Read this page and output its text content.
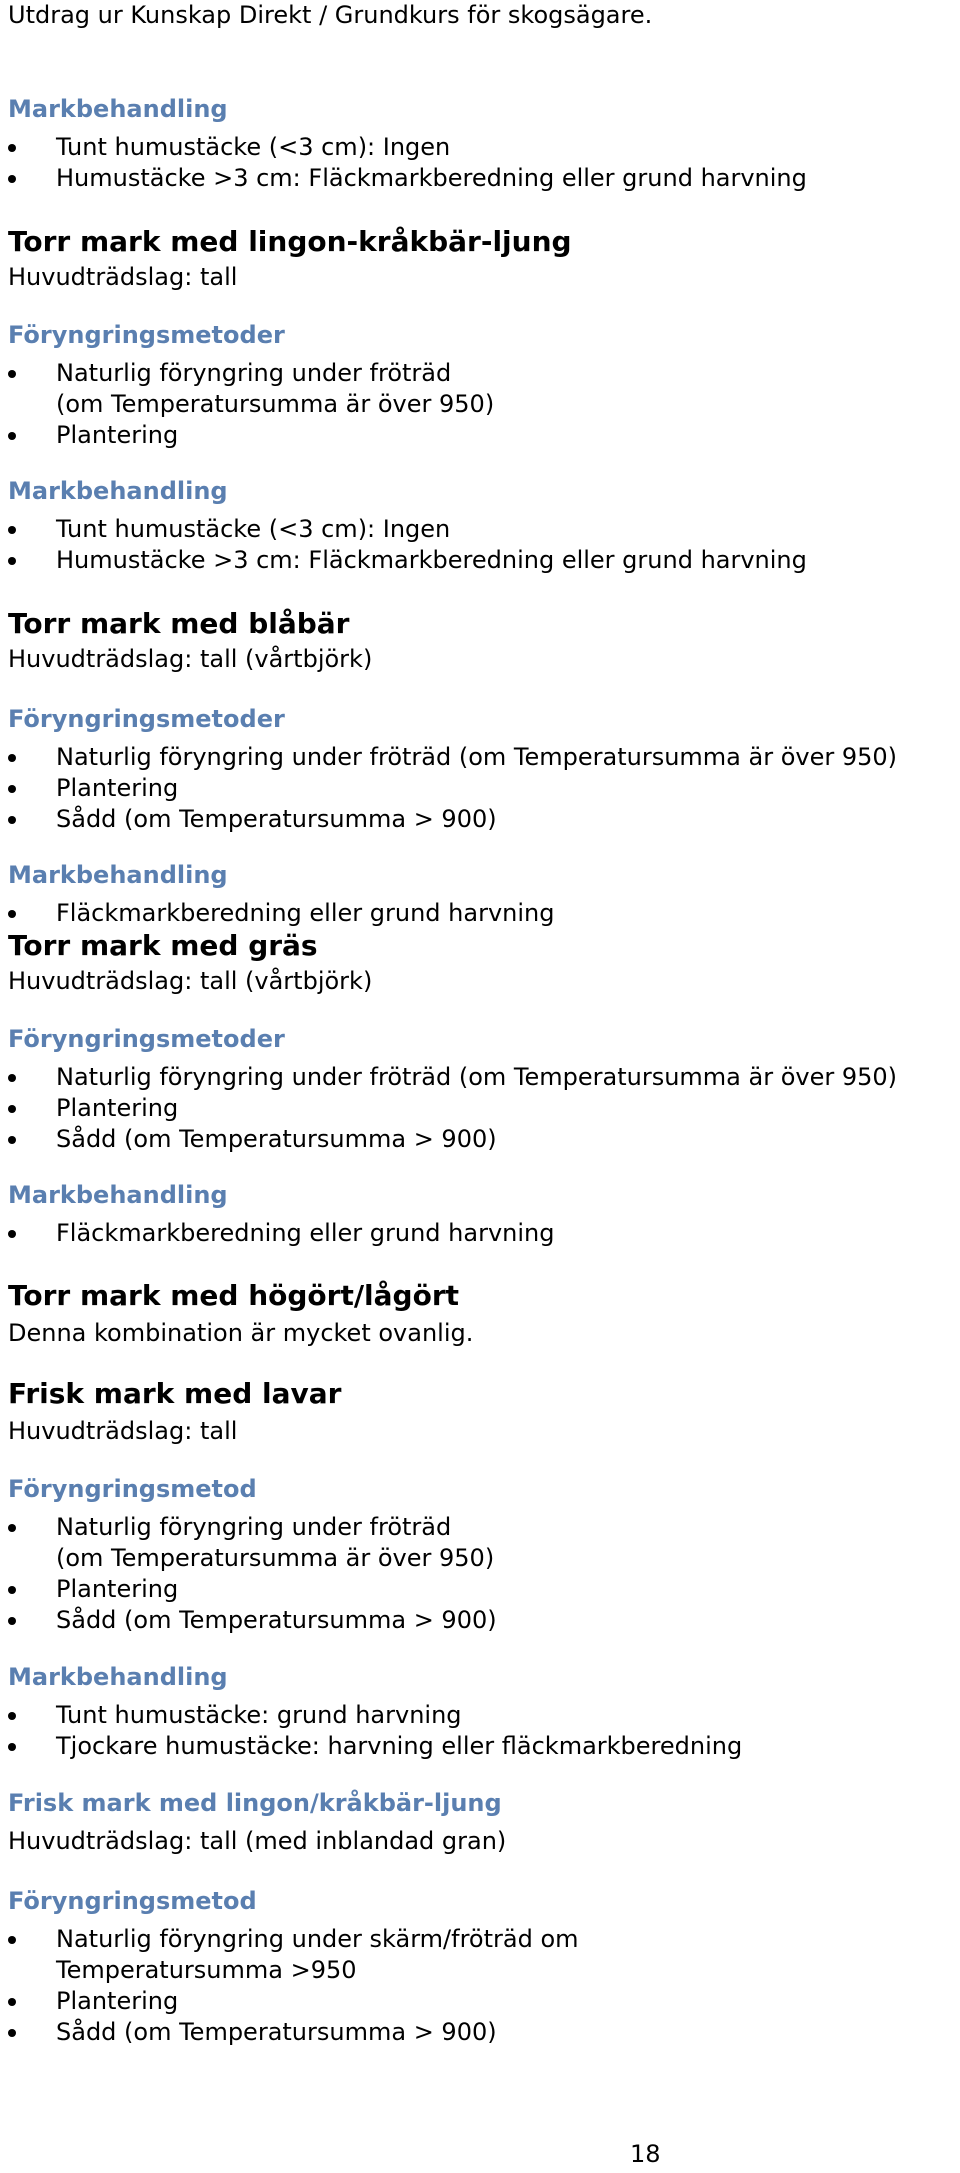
Utdrag ur Kunskap Direkt / Grundkurs för skogsägare.
Markbehandling
Tunt humustäcke (<3 cm): Ingen
Humustäcke >3 cm: Fläckmarkberedning eller grund harvning
Torr mark med lingon-kråkbär-ljung
Huvudträdslag: tall
Föryngringsmetoder
Naturlig föryngring under fröträd
(om Temperatursumma är över 950)
Plantering
Markbehandling
Tunt humustäcke (<3 cm): Ingen
Humustäcke >3 cm: Fläckmarkberedning eller grund harvning
Torr mark med blåbär
Huvudträdslag: tall (vårtbjörk)
Föryngringsmetoder
Naturlig föryngring under fröträd (om Temperatursumma är över 950)
Plantering
Sådd (om Temperatursumma > 900)
Markbehandling
Fläckmarkberedning eller grund harvning
Torr mark med gräs
Huvudträdslag: tall (vårtbjörk)
Föryngringsmetoder
Naturlig föryngring under fröträd (om Temperatursumma är över 950)
Plantering
Sådd (om Temperatursumma > 900)
Markbehandling
Fläckmarkberedning eller grund harvning
Torr mark med högört/lågört
Denna kombination är mycket ovanlig.
Frisk mark med lavar
Huvudträdslag: tall
Föryngringsmetod
Naturlig föryngring under fröträd
(om Temperatursumma är över 950)
Plantering
Sådd (om Temperatursumma > 900)
Markbehandling
Tunt humustäcke: grund harvning
Tjockare humustäcke: harvning eller fläckmarkberedning
Frisk mark med lingon/kråkbär-ljung
Huvudträdslag: tall (med inblandad gran)
Föryngringsmetod
Naturlig föryngring under skärm/fröträd om
Temperatursumma >950
Plantering
Sådd (om Temperatursumma > 900)
18
